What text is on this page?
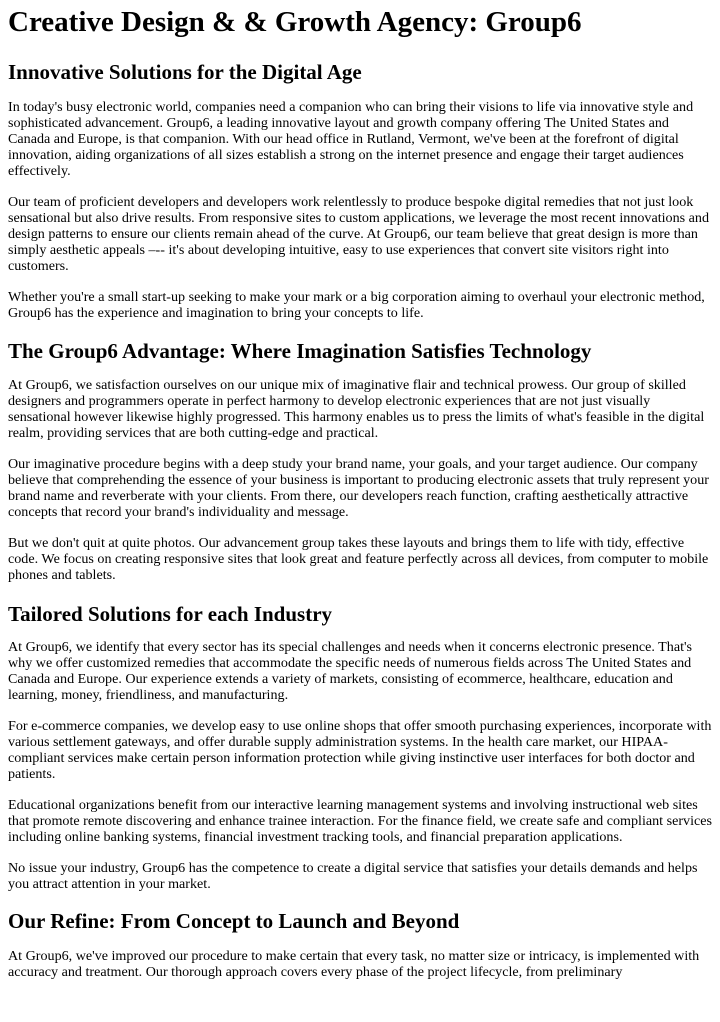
Creative Design & & Growth Agency: Group6
Innovative Solutions for the Digital Age

In today's busy electronic world, companies need a companion who can bring their visions to life via innovative style and sophisticated advancement. Group6, a leading innovative layout and growth company offering The United States and Canada and Europe, is that companion. With our head office in Rutland, Vermont, we've been at the forefront of digital innovation, aiding organizations of all sizes establish a strong on the internet presence and engage their target audiences effectively.

Our team of proficient developers and developers work relentlessly to produce bespoke digital remedies that not just look sensational but also drive results. From responsive sites to custom applications, we leverage the most recent innovations and design patterns to ensure our clients remain ahead of the curve. At Group6, our team believe that great design is more than simply aesthetic appeals –-- it's about developing intuitive, easy to use experiences that convert site visitors right into customers.

Whether you're a small start-up seeking to make your mark or a big corporation aiming to overhaul your electronic method, Group6 has the experience and imagination to bring your concepts to life.

The Group6 Advantage: Where Imagination Satisfies Technology

At Group6, we satisfaction ourselves on our unique mix of imaginative flair and technical prowess. Our group of skilled designers and programmers operate in perfect harmony to develop electronic experiences that are not just visually sensational however likewise highly progressed. This harmony enables us to press the limits of what's feasible in the digital realm, providing services that are both cutting-edge and practical.

Our imaginative procedure begins with a deep study your brand name, your goals, and your target audience. Our company believe that comprehending the essence of your business is important to producing electronic assets that truly represent your brand name and reverberate with your clients. From there, our developers reach function, crafting aesthetically attractive concepts that record your brand's individuality and message.

But we don't quit at quite photos. Our advancement group takes these layouts and brings them to life with tidy, effective code. We focus on creating responsive sites that look great and feature perfectly across all devices, from computer to mobile phones and tablets.

Tailored Solutions for each Industry

At Group6, we identify that every sector has its special challenges and needs when it concerns electronic presence. That's why we offer customized remedies that accommodate the specific needs of numerous fields across The United States and Canada and Europe. Our experience extends a variety of markets, consisting of ecommerce, healthcare, education and learning, money, friendliness, and manufacturing.

For e-commerce companies, we develop easy to use online shops that offer smooth purchasing experiences, incorporate with various settlement gateways, and offer durable supply administration systems. In the health care market, our HIPAA-compliant services make certain person information protection while giving instinctive user interfaces for both doctor and patients.

Educational organizations benefit from our interactive learning management systems and involving instructional web sites that promote remote discovering and enhance trainee interaction. For the finance field, we create safe and compliant services including online banking systems, financial investment tracking tools, and financial preparation applications.

No issue your industry, Group6 has the competence to create a digital service that satisfies your details demands and helps you attract attention in your market.

Our Refine: From Concept to Launch and Beyond

At Group6, we've improved our procedure to make certain that every task, no matter size or intricacy, is implemented with accuracy and treatment. Our thorough approach covers every phase of the project lifecycle, from preliminary
